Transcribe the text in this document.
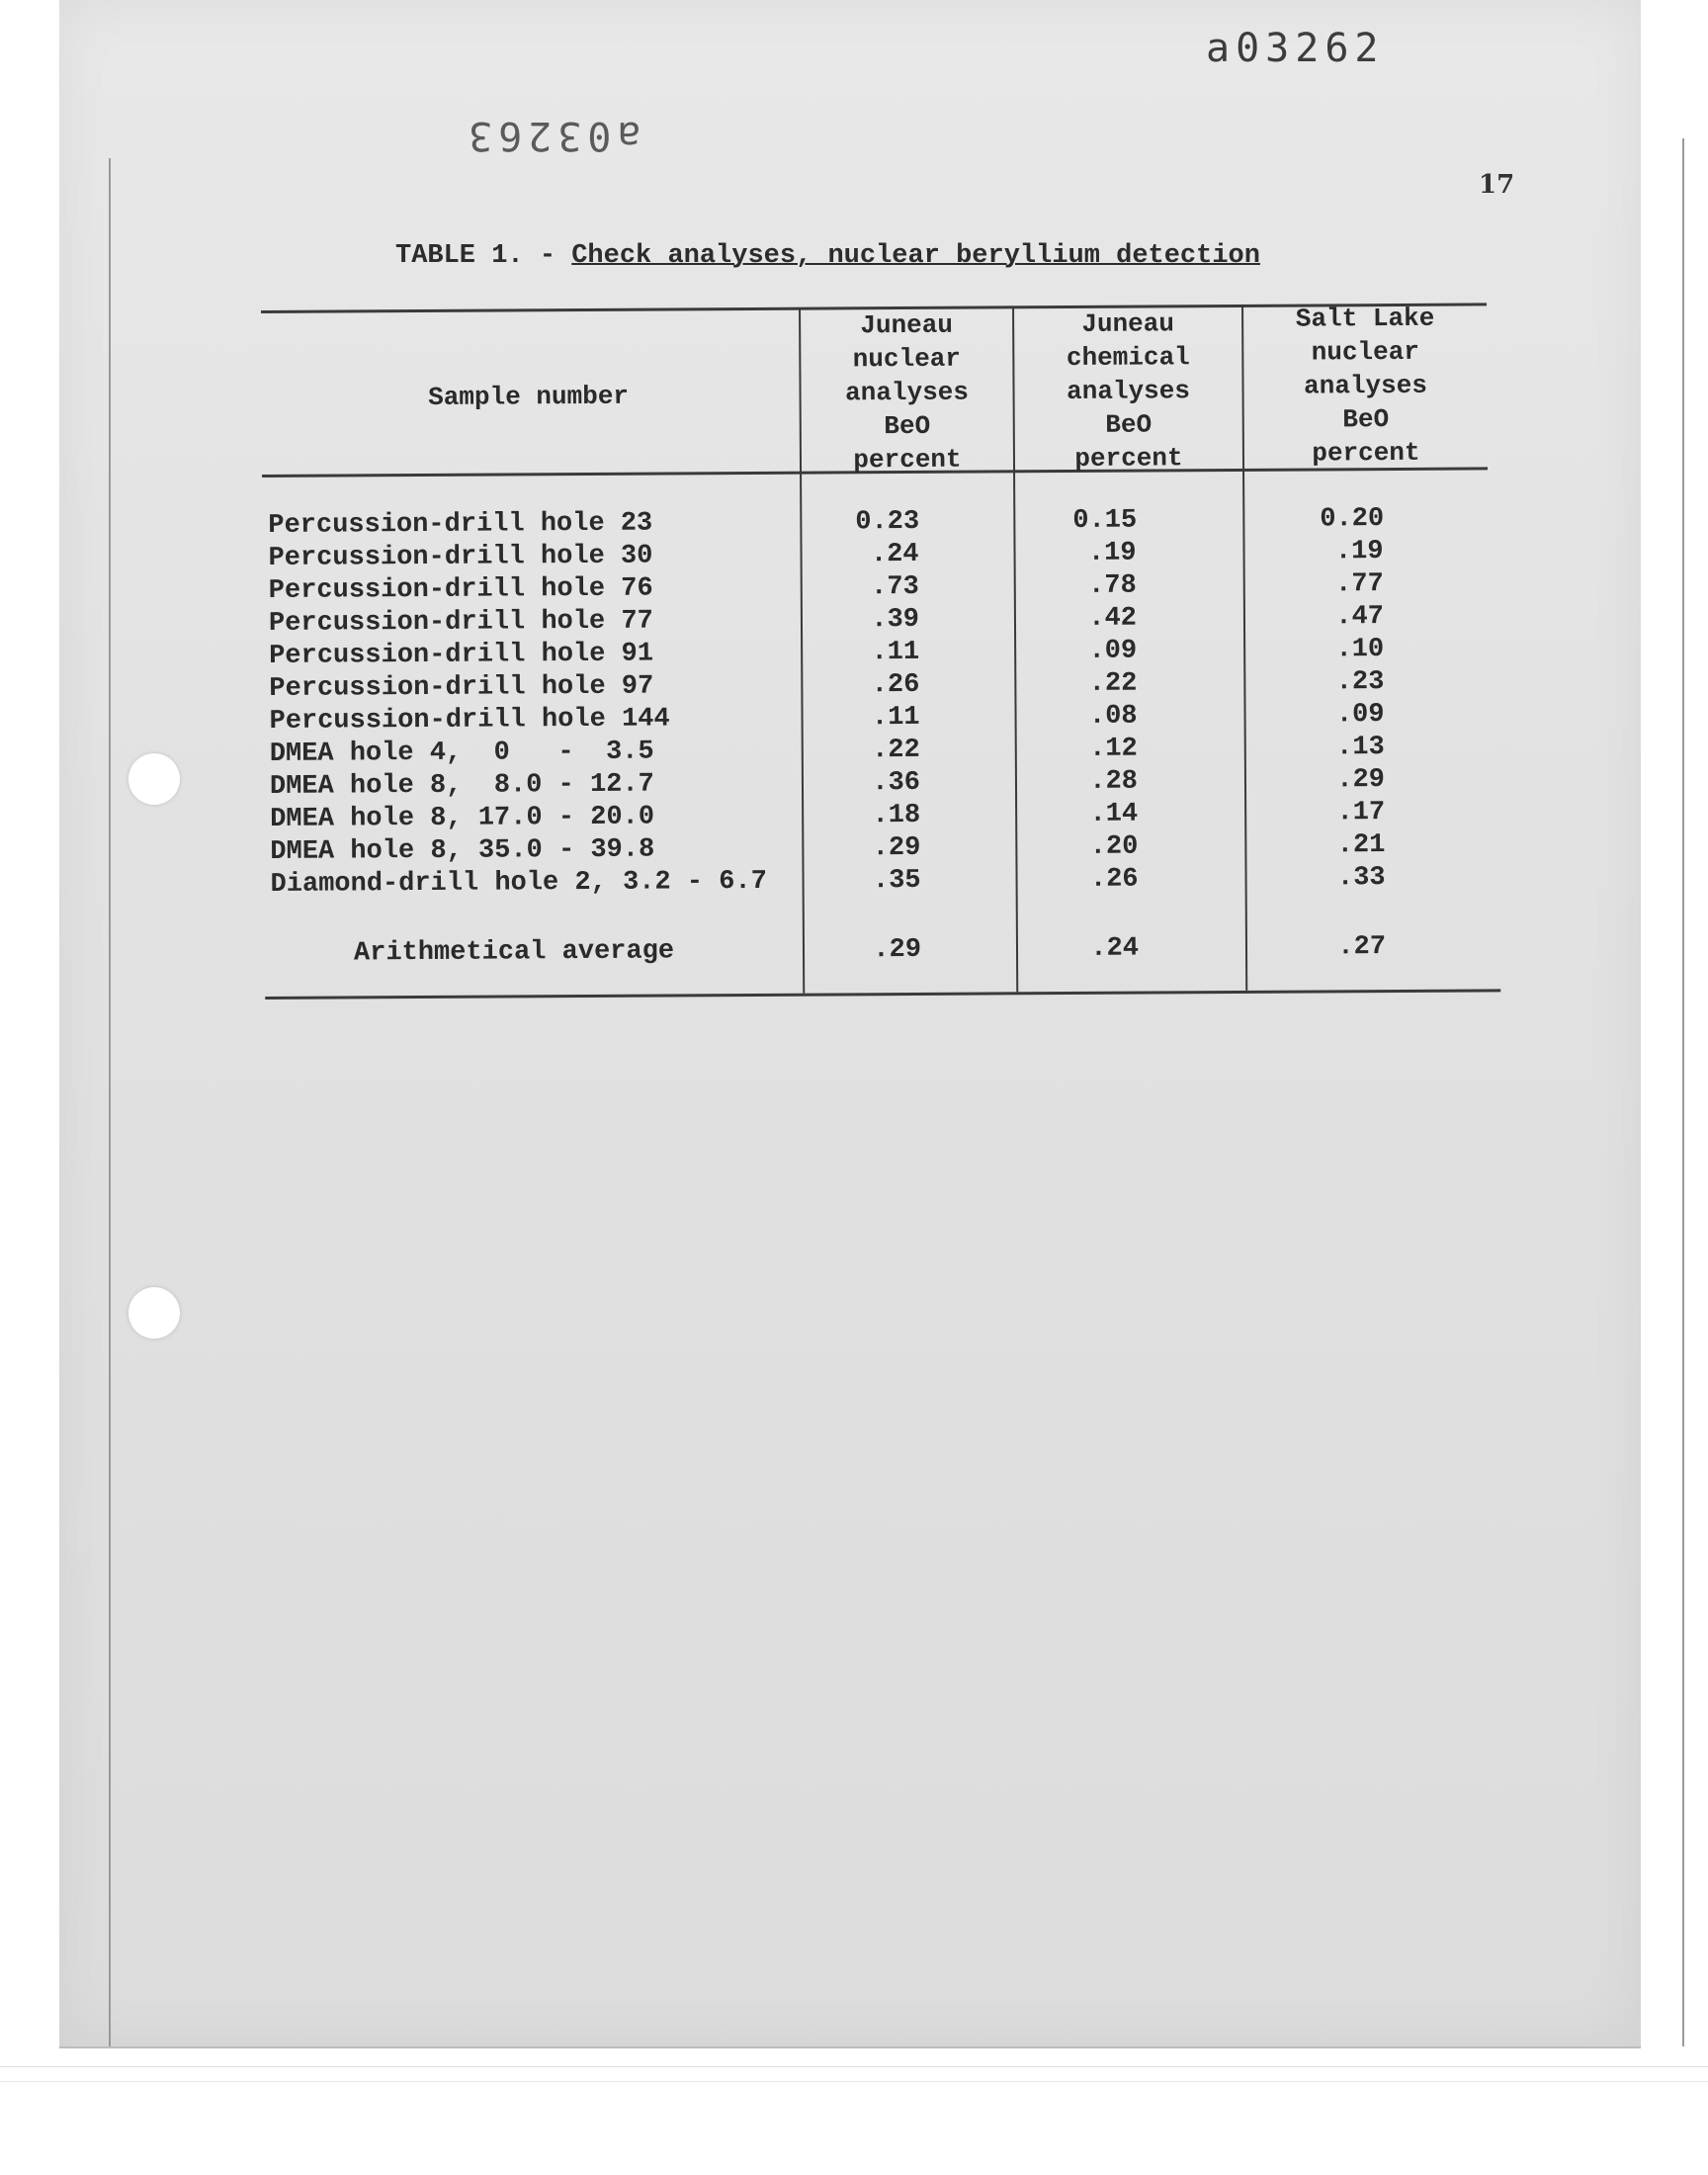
a03262
a03263
17
TABLE 1. - Check analyses, nuclear beryllium detection
Sample number
Juneau
nuclear
analyses
BeO
percent
Juneau
chemical
analyses
BeO
percent
Salt Lake
nuclear
analyses
BeO
percent
Percussion-drill hole 23	0.23	0.15	0.20
Percussion-drill hole 30	.24	.19	.19
Percussion-drill hole 76	.73	.78	.77
Percussion-drill hole 77	.39	.42	.47
Percussion-drill hole 91	.11	.09	.10
Percussion-drill hole 97	.26	.22	.23
Percussion-drill hole 144	.11	.08	.09
DMEA hole 4,  0   -  3.5	.22	.12	.13
DMEA hole 8,  8.0 - 12.7	.36	.28	.29
DMEA hole 8, 17.0 - 20.0	.18	.14	.17
DMEA hole 8, 35.0 - 39.8	.29	.20	.21
Diamond-drill hole 2, 3.2 - 6.7	.35	.26	.33
Arithmetical average	.29	.24	.27
